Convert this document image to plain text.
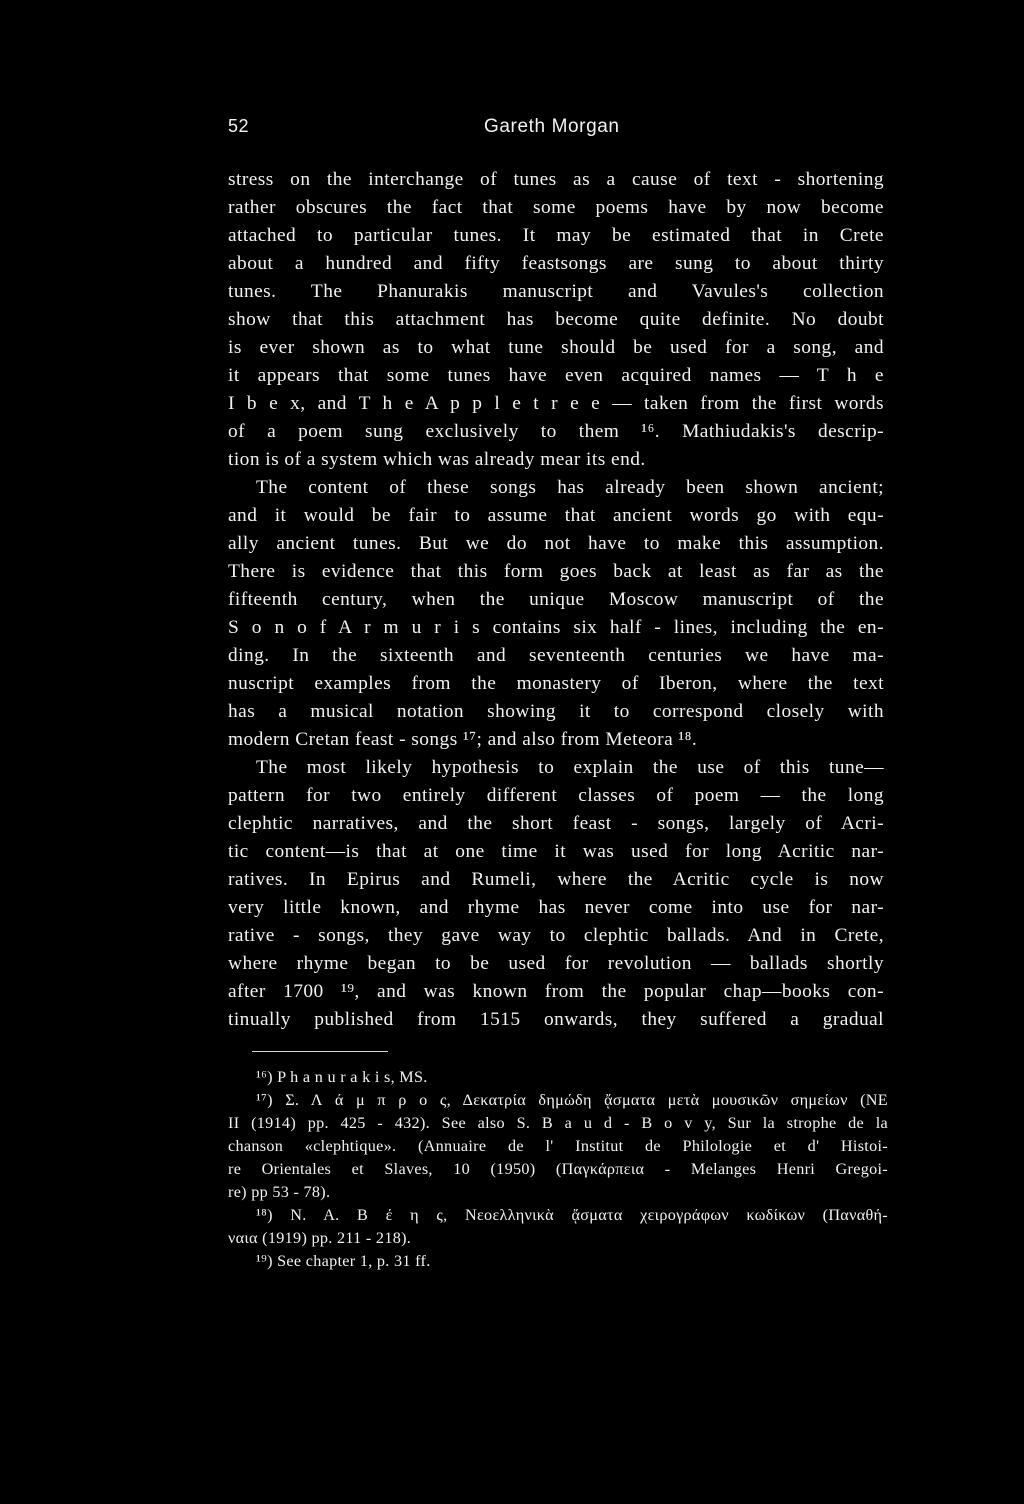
52	Gareth Morgan
stress on the interchange of tunes as a cause of text - shortening
rather obscures the fact that some poems have by now become
attached to particular tunes. It may be estimated that in Crete
about a hundred and fifty feastsongs are sung to about thirty
tunes. The Phanurakis manuscript and Vavules's collection
show that this attachment has become quite definite. No doubt
is ever shown as to what tune should be used for a song, and
it appears that some tunes have even acquired names — T h e
I b e x, and T h e A p p l e t r e e — taken from the first words
of a poem sung exclusively to them ¹⁶. Mathiudakis's descrip-
tion is of a system which was already mear its end.
The content of these songs has already been shown ancient;
and it would be fair to assume that ancient words go with equ-
ally ancient tunes. But we do not have to make this assumption.
There is evidence that this form goes back at least as far as the
fifteenth century, when the unique Moscow manuscript of the
S o n o f A r m u r i s contains six half - lines, including the en-
ding. In the sixteenth and seventeenth centuries we have ma-
nuscript examples from the monastery of Iberon, where the text
has a musical notation showing it to correspond closely with
modern Cretan feast - songs ¹⁷; and also from Meteora ¹⁸.
The most likely hypothesis to explain the use of this tune—
pattern for two entirely different classes of poem — the long
clephtic narratives, and the short feast - songs, largely of Acri-
tic content—is that at one time it was used for long Acritic nar-
ratives. In Epirus and Rumeli, where the Acritic cycle is now
very little known, and rhyme has never come into use for nar-
rative - songs, they gave way to clephtic ballads. And in Crete,
where rhyme began to be used for revolution — ballads shortly
after 1700 ¹⁹, and was known from the popular chap—books con-
tinually published from 1515 onwards, they suffered a gradual
¹⁶) P h a n u r a k i s, MS.
¹⁷) Σ. Λ ά μ π ρ ο ς, Δεκατρία δημώδη ᾄσματα μετὰ μουσικῶν σημείων (ΝΕ
II (1914) pp. 425 - 432). See also S. B a u d - B o v y, Sur la strophe de la
chanson «clephtique». (Annuaire de l' Institut de Philologie et d' Histoi-
re Orientales et Slaves, 10 (1950) (Παγκάρπεια - Melanges Henri Gregoi-
re) pp 53 - 78).
¹⁸) N. A. B έ η ς, Νεοελληνικὰ ᾄσματα χειρογράφων κωδίκων (Παναθή-
ναια (1919) pp. 211 - 218).
¹⁹) See chapter 1, p. 31 ff.
